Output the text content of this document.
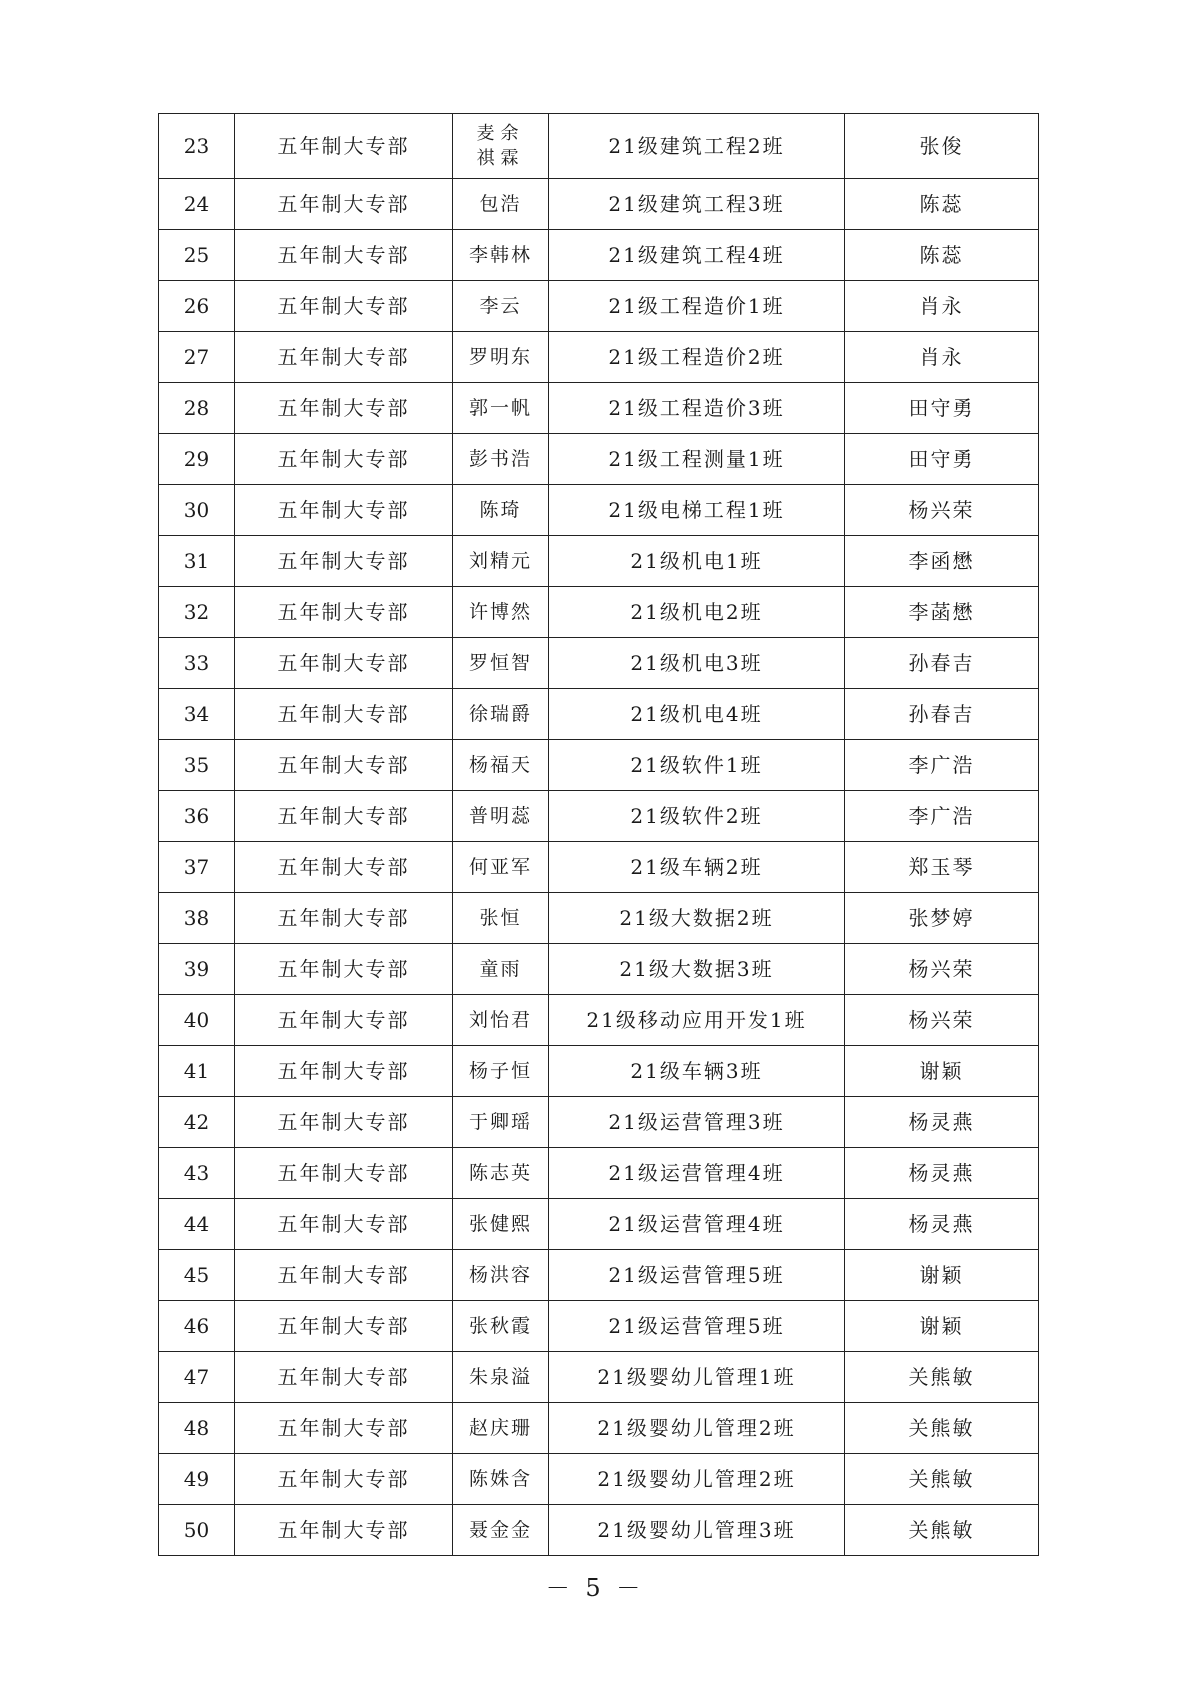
23	五年制大专部	麦余祺霖	21级建筑工程2班	张俊
24	五年制大专部	包浩	21级建筑工程3班	陈蕊
25	五年制大专部	李韩林	21级建筑工程4班	陈蕊
26	五年制大专部	李云	21级工程造价1班	肖永
27	五年制大专部	罗明东	21级工程造价2班	肖永
28	五年制大专部	郭一帆	21级工程造价3班	田守勇
29	五年制大专部	彭书浩	21级工程测量1班	田守勇
30	五年制大专部	陈琦	21级电梯工程1班	杨兴荣
31	五年制大专部	刘精元	21级机电1班	李函懋
32	五年制大专部	许博然	21级机电2班	李菡懋
33	五年制大专部	罗恒智	21级机电3班	孙春吉
34	五年制大专部	徐瑞爵	21级机电4班	孙春吉
35	五年制大专部	杨福天	21级软件1班	李广浩
36	五年制大专部	普明蕊	21级软件2班	李广浩
37	五年制大专部	何亚军	21级车辆2班	郑玉琴
38	五年制大专部	张恒	21级大数据2班	张梦婷
39	五年制大专部	童雨	21级大数据3班	杨兴荣
40	五年制大专部	刘怡君	21级移动应用开发1班	杨兴荣
41	五年制大专部	杨子恒	21级车辆3班	谢颖
42	五年制大专部	于卿瑶	21级运营管理3班	杨灵燕
43	五年制大专部	陈志英	21级运营管理4班	杨灵燕
44	五年制大专部	张健熙	21级运营管理4班	杨灵燕
45	五年制大专部	杨洪容	21级运营管理5班	谢颖
46	五年制大专部	张秋霞	21级运营管理5班	谢颖
47	五年制大专部	朱泉溢	21级婴幼儿管理1班	关熊敏
48	五年制大专部	赵庆珊	21级婴幼儿管理2班	关熊敏
49	五年制大专部	陈姝含	21级婴幼儿管理2班	关熊敏
50	五年制大专部	聂金金	21级婴幼儿管理3班	关熊敏
－ 5 －
